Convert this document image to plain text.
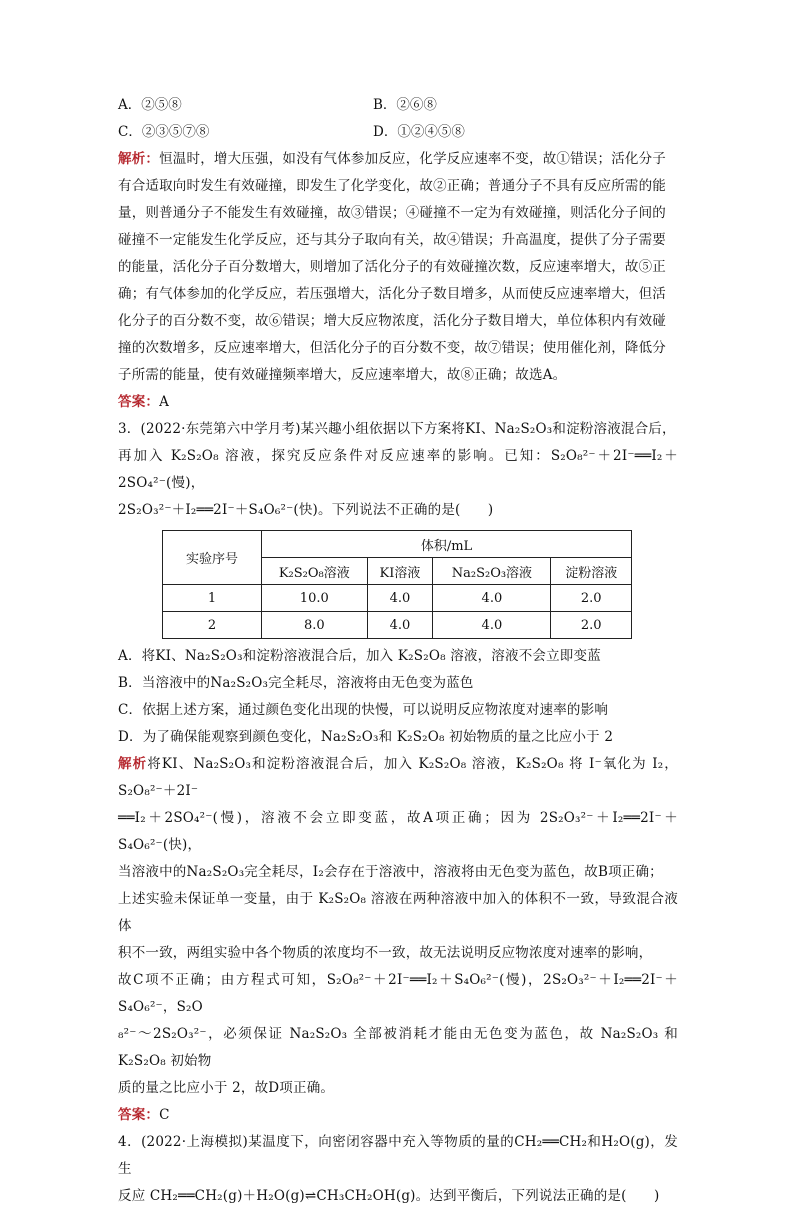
A．②⑤⑧	B．②⑥⑧
C．②③⑤⑦⑧	D．①②④⑤⑧

解析：恒温时，增大压强，如没有气体参加反应，化学反应速率不变，故①错误；活化分子

有合适取向时发生有效碰撞，即发生了化学变化，故②正确；普通分子不具有反应所需的能

量，则普通分子不能发生有效碰撞，故③错误；④碰撞不一定为有效碰撞，则活化分子间的

碰撞不一定能发生化学反应，还与其分子取向有关，故④错误；升高温度，提供了分子需要

的能量，活化分子百分数增大，则增加了活化分子的有效碰撞次数，反应速率增大，故⑤正

确；有气体参加的化学反应，若压强增大，活化分子数目增多，从而使反应速率增大，但活

化分子的百分数不变，故⑥错误；增大反应物浓度，活化分子数目增大，单位体积内有效碰

撞的次数增多，反应速率增大，但活化分子的百分数不变，故⑦错误；使用催化剂，降低分

子所需的能量，使有效碰撞频率增大，反应速率增大，故⑧正确；故选A。

答案：A

3．(2022·东莞第六中学月考)某兴趣小组依据以下方案将KI、Na₂S₂O₃和淀粉溶液混合后，

再加入 K₂S₂O₈ 溶液，探究反应条件对反应速率的影响。已知：S₂O₈²⁻＋2I⁻══I₂＋2SO₄²⁻(慢)，

2S₂O₃²⁻＋I₂══2I⁻＋S₄O₆²⁻(快)。下列说法不正确的是(　　)

实验序号	体积/mL			
	K₂S₂O₈溶液	KI溶液	Na₂S₂O₃溶液	淀粉溶液
1	10.0	4.0	4.0	2.0
2	8.0	4.0	4.0	2.0

A．将KI、Na₂S₂O₃和淀粉溶液混合后，加入 K₂S₂O₈ 溶液，溶液不会立即变蓝

B．当溶液中的Na₂S₂O₃完全耗尽，溶液将由无色变为蓝色

C．依据上述方案，通过颜色变化出现的快慢，可以说明反应物浓度对速率的影响

D．为了确保能观察到颜色变化，Na₂S₂O₃和 K₂S₂O₈ 初始物质的量之比应小于 2

解析将KI、Na₂S₂O₃和淀粉溶液混合后，加入 K₂S₂O₈ 溶液，K₂S₂O₈ 将 I⁻氧化为 I₂，S₂O₈²⁻＋2I⁻

══I₂＋2SO₄²⁻(慢)，溶液不会立即变蓝，故A项正确；因为 2S₂O₃²⁻＋I₂══2I⁻＋S₄O₆²⁻(快)，

当溶液中的Na₂S₂O₃完全耗尽，I₂会存在于溶液中，溶液将由无色变为蓝色，故B项正确；

上述实验未保证单一变量，由于 K₂S₂O₈ 溶液在两种溶液中加入的体积不一致，导致混合液体

积不一致，两组实验中各个物质的浓度均不一致，故无法说明反应物浓度对速率的影响，

故C项不正确；由方程式可知，S₂O₈²⁻＋2I⁻══I₂＋S₄O₆²⁻(慢)，2S₂O₃²⁻＋I₂══2I⁻＋S₄O₆²⁻，S₂O

₈²⁻～2S₂O₃²⁻，必须保证 Na₂S₂O₃ 全部被消耗才能由无色变为蓝色，故 Na₂S₂O₃ 和 K₂S₂O₈ 初始物

质的量之比应小于 2，故D项正确。

答案：C

4．(2022·上海模拟)某温度下，向密闭容器中充入等物质的量的CH₂══CH₂和H₂O(g)，发生

反应 CH₂══CH₂(g)＋H₂O(g)⇌CH₃CH₂OH(g)。达到平衡后，下列说法正确的是(　　)
